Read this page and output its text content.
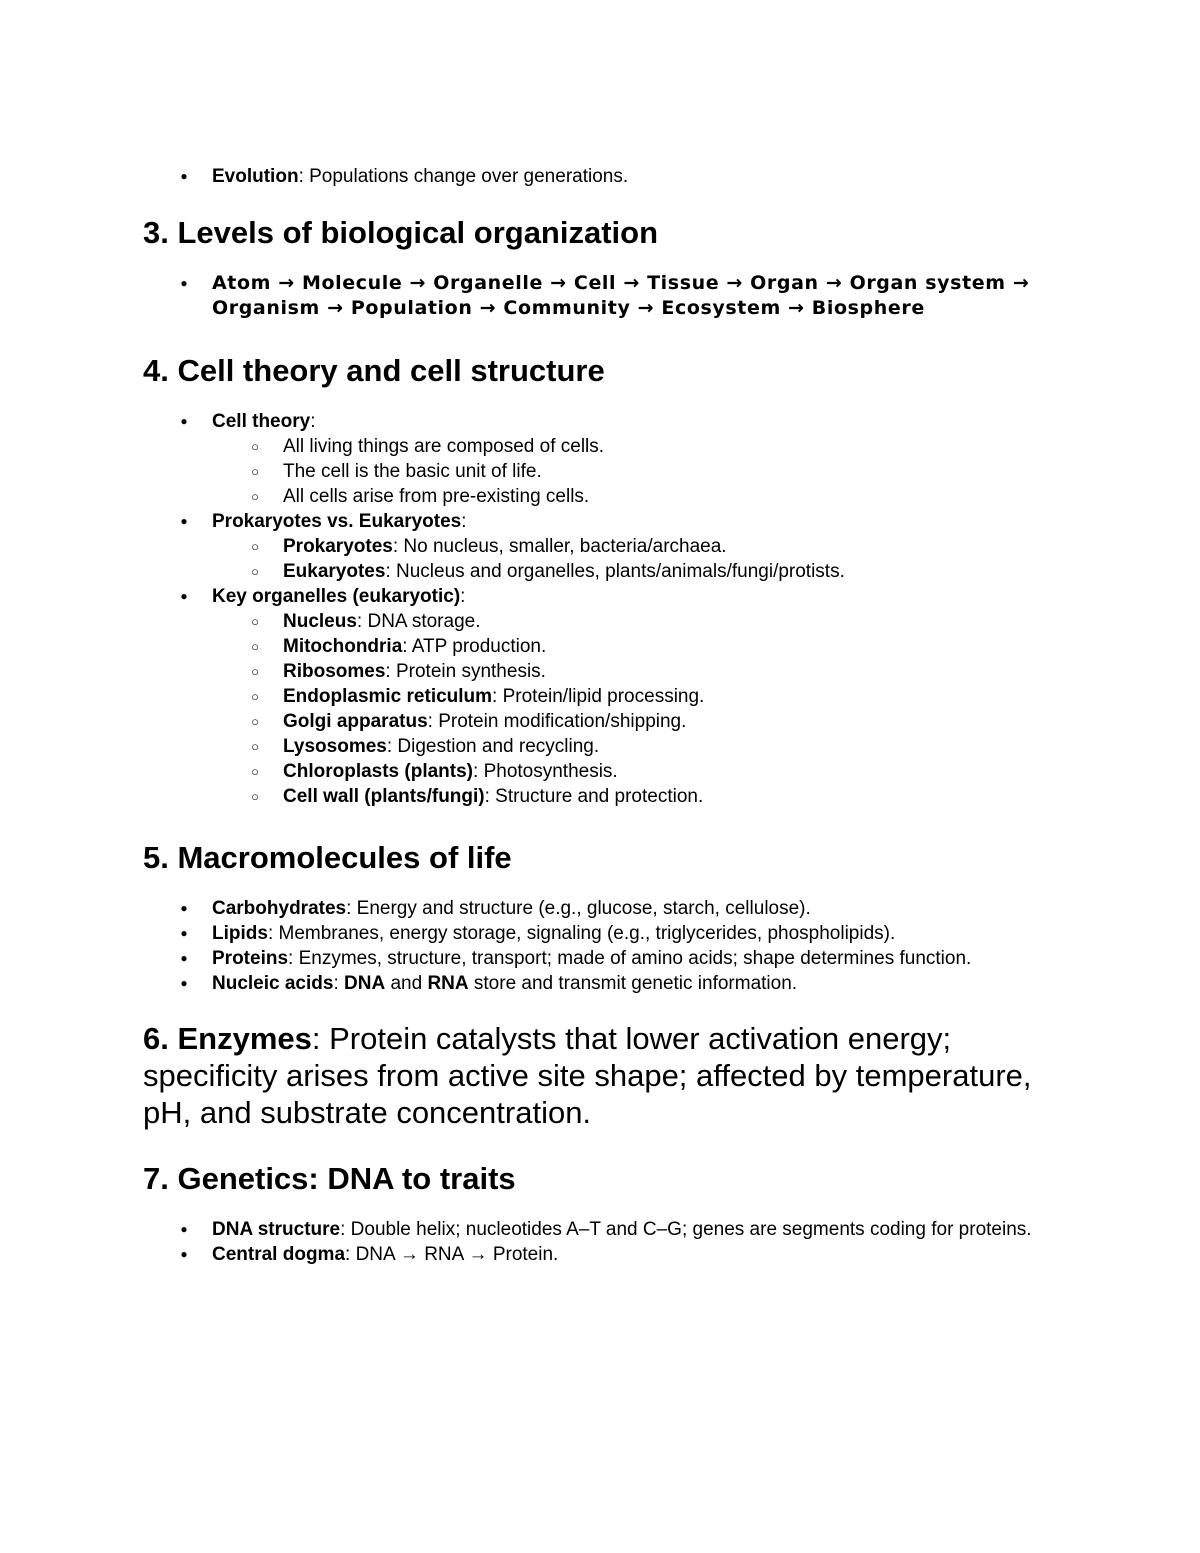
● Evolution: Populations change over generations.
3. Levels of biological organization
● Atom → Molecule → Organelle → Cell → Tissue → Organ → Organ system → Organism → Population → Community → Ecosystem → Biosphere
4. Cell theory and cell structure
● Cell theory:
○ All living things are composed of cells.
○ The cell is the basic unit of life.
○ All cells arise from pre-existing cells.
● Prokaryotes vs. Eukaryotes:
○ Prokaryotes: No nucleus, smaller, bacteria/archaea.
○ Eukaryotes: Nucleus and organelles, plants/animals/fungi/protists.
● Key organelles (eukaryotic):
○ Nucleus: DNA storage.
○ Mitochondria: ATP production.
○ Ribosomes: Protein synthesis.
○ Endoplasmic reticulum: Protein/lipid processing.
○ Golgi apparatus: Protein modification/shipping.
○ Lysosomes: Digestion and recycling.
○ Chloroplasts (plants): Photosynthesis.
○ Cell wall (plants/fungi): Structure and protection.
5. Macromolecules of life
● Carbohydrates: Energy and structure (e.g., glucose, starch, cellulose).
● Lipids: Membranes, energy storage, signaling (e.g., triglycerides, phospholipids).
● Proteins: Enzymes, structure, transport; made of amino acids; shape determines function.
● Nucleic acids: DNA and RNA store and transmit genetic information.
6. Enzymes: Protein catalysts that lower activation energy; specificity arises from active site shape; affected by temperature, pH, and substrate concentration.
7. Genetics: DNA to traits
● DNA structure: Double helix; nucleotides A–T and C–G; genes are segments coding for proteins.
● Central dogma: DNA → RNA → Protein.
